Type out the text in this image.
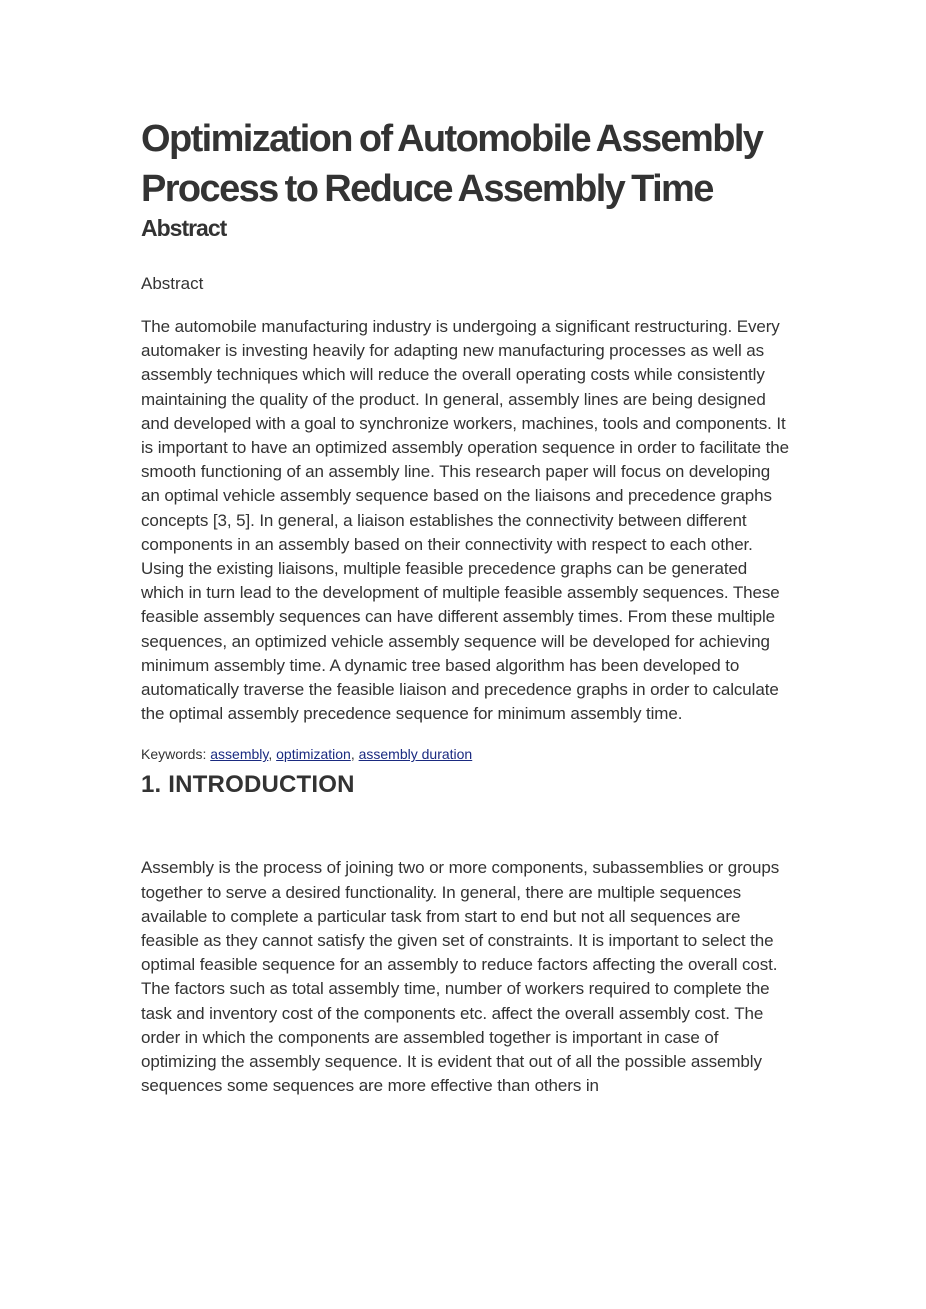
Optimization of Automobile Assembly
Process to Reduce Assembly Time
Abstract

Abstract

The automobile manufacturing industry is undergoing a significant restructuring. Every automaker is investing heavily for adapting new manufacturing processes as well as assembly techniques which will reduce the overall operating costs while consistently maintaining the quality of the product. In general, assembly lines are being designed and developed with a goal to synchronize workers, machines, tools and components. It is important to have an optimized assembly operation sequence in order to facilitate the smooth functioning of an assembly line. This research paper will focus on developing an optimal vehicle assembly sequence based on the liaisons and precedence graphs concepts [3, 5]. In general, a liaison establishes the connectivity between different components in an assembly based on their connectivity with respect to each other. Using the existing liaisons, multiple feasible precedence graphs can be generated which in turn lead to the development of multiple feasible assembly sequences. These feasible assembly sequences can have different assembly times. From these multiple sequences, an optimized vehicle assembly sequence will be developed for achieving minimum assembly time. A dynamic tree based algorithm has been developed to automatically traverse the feasible liaison and precedence graphs in order to calculate the optimal assembly precedence sequence for minimum assembly time.

Keywords: assembly, optimization, assembly duration

1. INTRODUCTION

Assembly is the process of joining two or more components, subassemblies or groups together to serve a desired functionality. In general, there are multiple sequences available to complete a particular task from start to end but not all sequences are feasible as they cannot satisfy the given set of constraints. It is important to select the optimal feasible sequence for an assembly to reduce factors affecting the overall cost. The factors such as total assembly time, number of workers required to complete the task and inventory cost of the components etc. affect the overall assembly cost. The order in which the components are assembled together is important in case of optimizing the assembly sequence. It is evident that out of all the possible assembly sequences some sequences are more effective than others in
